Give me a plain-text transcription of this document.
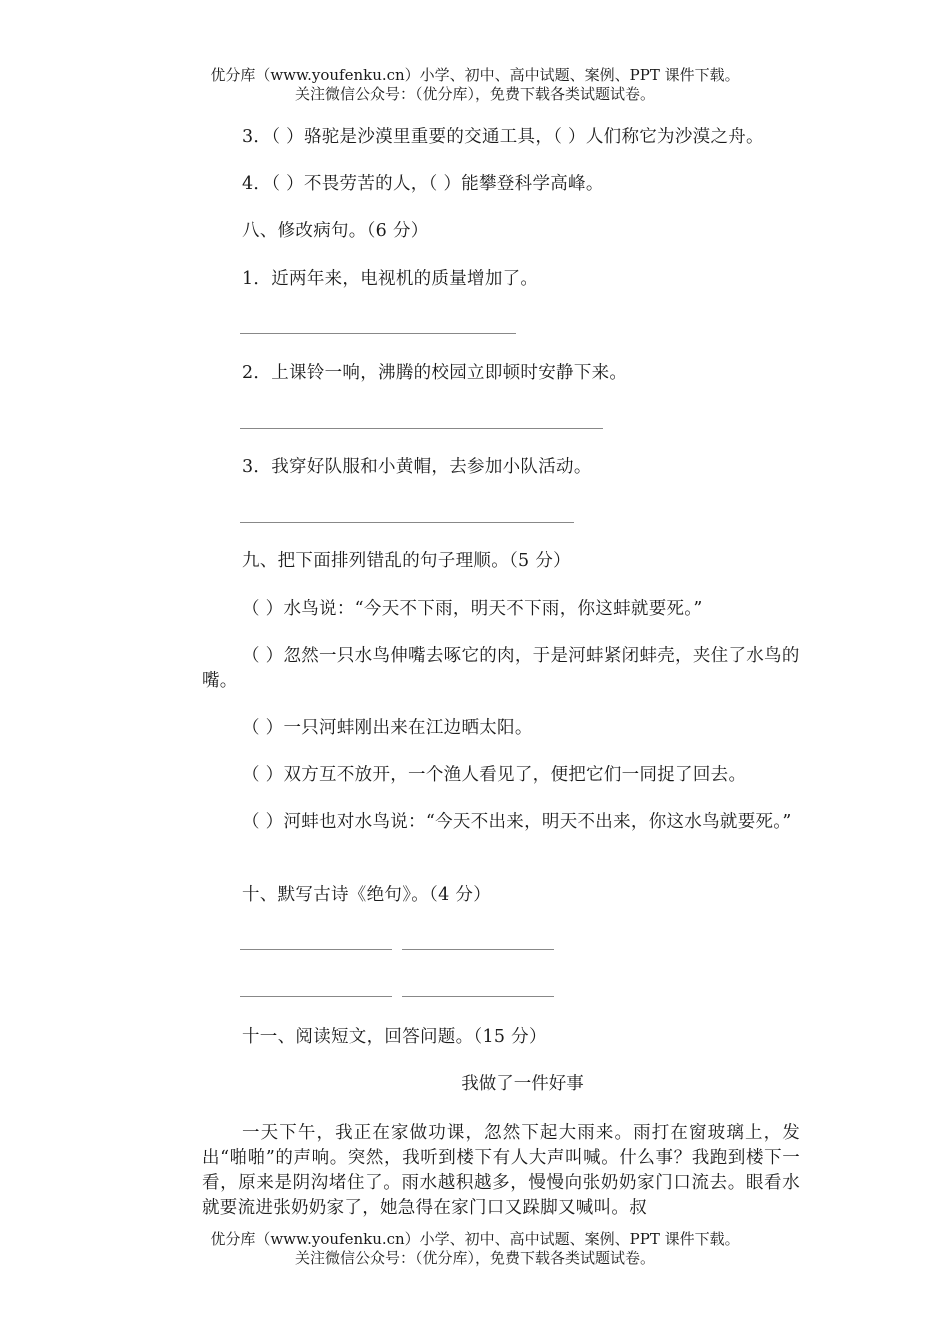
优分库（www.youfenku.cn）小学、初中、高中试题、案例、PPT 课件下载。
关注微信公众号：（优分库），免费下载各类试题试卷。
3．（ ）骆驼是沙漠里重要的交通工具，（ ）人们称它为沙漠之舟。
4．（ ）不畏劳苦的人，（ ）能攀登科学高峰。
八、修改病句。（6 分）
1．近两年来，电视机的质量增加了。
2．上课铃一响，沸腾的校园立即顿时安静下来。
3．我穿好队服和小黄帽，去参加小队活动。
九、把下面排列错乱的句子理顺。（5 分）
（ ）水鸟说：“今天不下雨，明天不下雨，你这蚌就要死。”
（ ）忽然一只水鸟伸嘴去啄它的肉，于是河蚌紧闭蚌壳，夹住了水鸟的嘴。
（ ）一只河蚌刚出来在江边晒太阳。
（ ）双方互不放开，一个渔人看见了，便把它们一同捉了回去。
（ ）河蚌也对水鸟说：“今天不出来，明天不出来，你这水鸟就要死。”
十、默写古诗《绝句》。（4 分）
十一、阅读短文，回答问题。（15 分）
我做了一件好事
一天下午，我正在家做功课，忽然下起大雨来。雨打在窗玻璃上，发出“啪啪”的声响。突然，我听到楼下有人大声叫喊。什么事？我跑到楼下一看，原来是阴沟堵住了。雨水越积越多，慢慢向张奶奶家门口流去。眼看水就要流进张奶奶家了，她急得在家门口又跺脚又喊叫。叔
优分库（www.youfenku.cn）小学、初中、高中试题、案例、PPT 课件下载。
关注微信公众号：（优分库），免费下载各类试题试卷。
